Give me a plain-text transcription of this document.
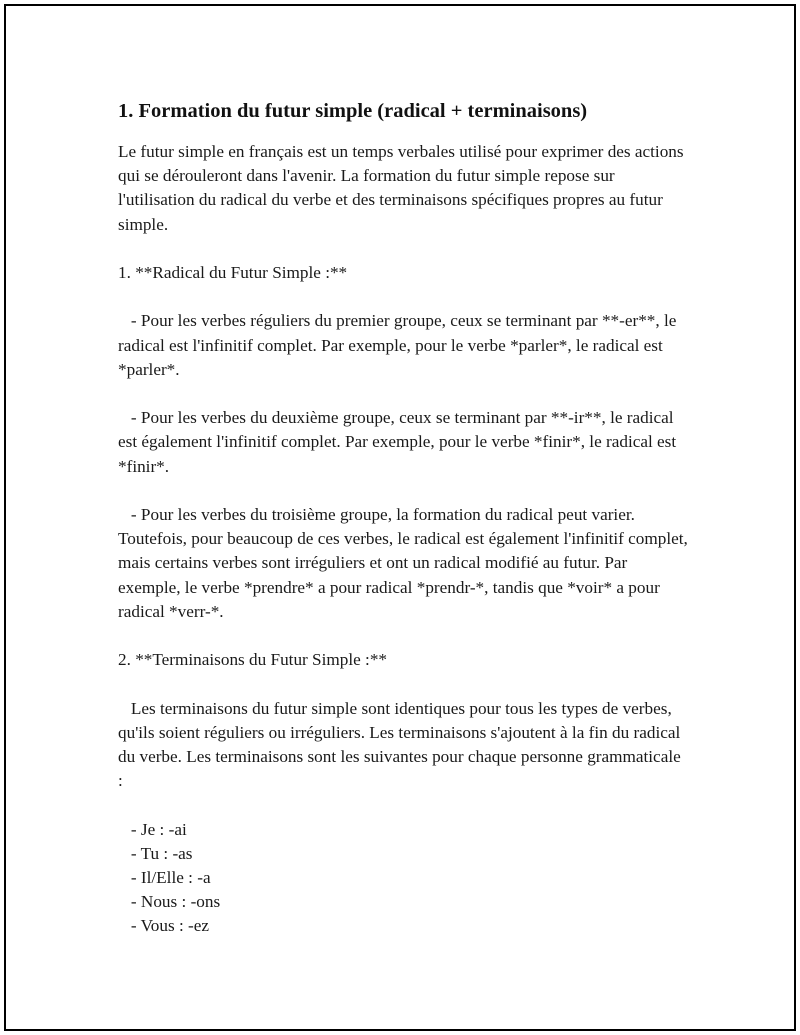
1. Formation du futur simple (radical + terminaisons)

Le futur simple en français est un temps verbales utilisé pour exprimer des actions qui se dérouleront dans l'avenir. La formation du futur simple repose sur l'utilisation du radical du verbe et des terminaisons spécifiques propres au futur simple.

1. **Radical du Futur Simple :**

- Pour les verbes réguliers du premier groupe, ceux se terminant par **-er**, le radical est l'infinitif complet. Par exemple, pour le verbe *parler*, le radical est *parler*.

- Pour les verbes du deuxième groupe, ceux se terminant par **-ir**, le radical est également l'infinitif complet. Par exemple, pour le verbe *finir*, le radical est *finir*.

- Pour les verbes du troisième groupe, la formation du radical peut varier. Toutefois, pour beaucoup de ces verbes, le radical est également l'infinitif complet, mais certains verbes sont irréguliers et ont un radical modifié au futur. Par exemple, le verbe *prendre* a pour radical *prendr-*, tandis que *voir* a pour radical *verr-*.

2. **Terminaisons du Futur Simple :**

Les terminaisons du futur simple sont identiques pour tous les types de verbes, qu'ils soient réguliers ou irréguliers. Les terminaisons s'ajoutent à la fin du radical du verbe. Les terminaisons sont les suivantes pour chaque personne grammaticale :

- Je : -ai
- Tu : -as
- Il/Elle : -a
- Nous : -ons
- Vous : -ez
